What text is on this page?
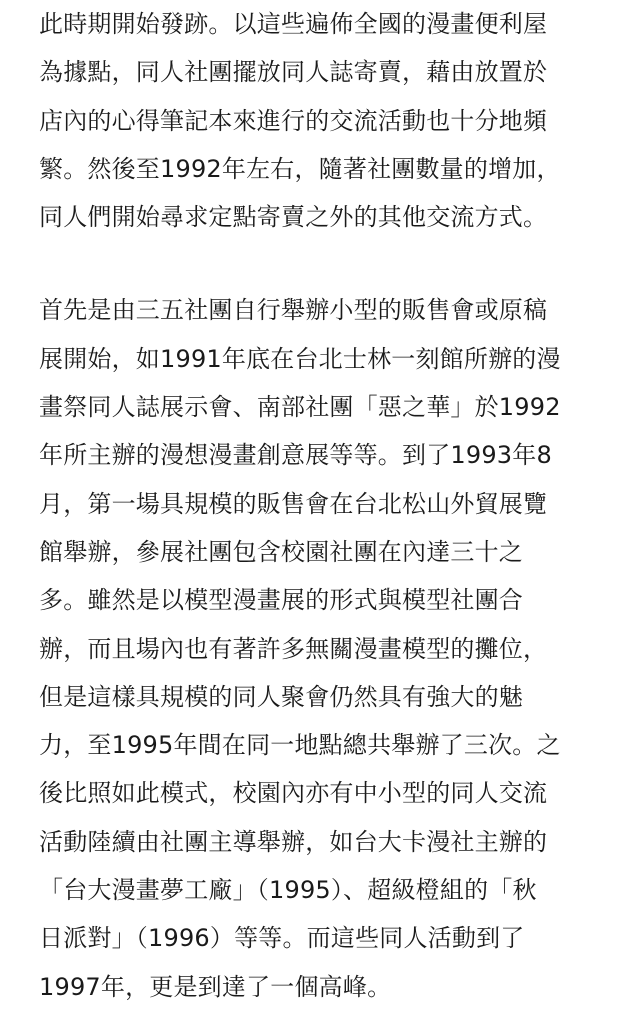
此時期開始發跡。以這些遍佈全國的漫畫便利屋
為據點，同人社團擺放同人誌寄賣，藉由放置於
店內的心得筆記本來進行的交流活動也十分地頻
繁。然後至1992年左右，隨著社團數量的增加，
同人們開始尋求定點寄賣之外的其他交流方式。
首先是由三五社團自行舉辦小型的販售會或原稿
展開始，如1991年底在台北士林一刻館所辦的漫
畫祭同人誌展示會、南部社團「惡之華」於1992
年所主辦的漫想漫畫創意展等等。到了1993年8
月，第一場具規模的販售會在台北松山外貿展覽
館舉辦，參展社團包含校園社團在內達三十之
多。雖然是以模型漫畫展的形式與模型社團合
辦，而且場內也有著許多無關漫畫模型的攤位，
但是這樣具規模的同人聚會仍然具有強大的魅
力，至1995年間在同一地點總共舉辦了三次。之
後比照如此模式，校園內亦有中小型的同人交流
活動陸續由社團主導舉辦，如台大卡漫社主辦的
「台大漫畫夢工廠」（1995）、超級橙組的「秋
日派對」（1996）等等。而這些同人活動到了
1997年，更是到達了一個高峰。
